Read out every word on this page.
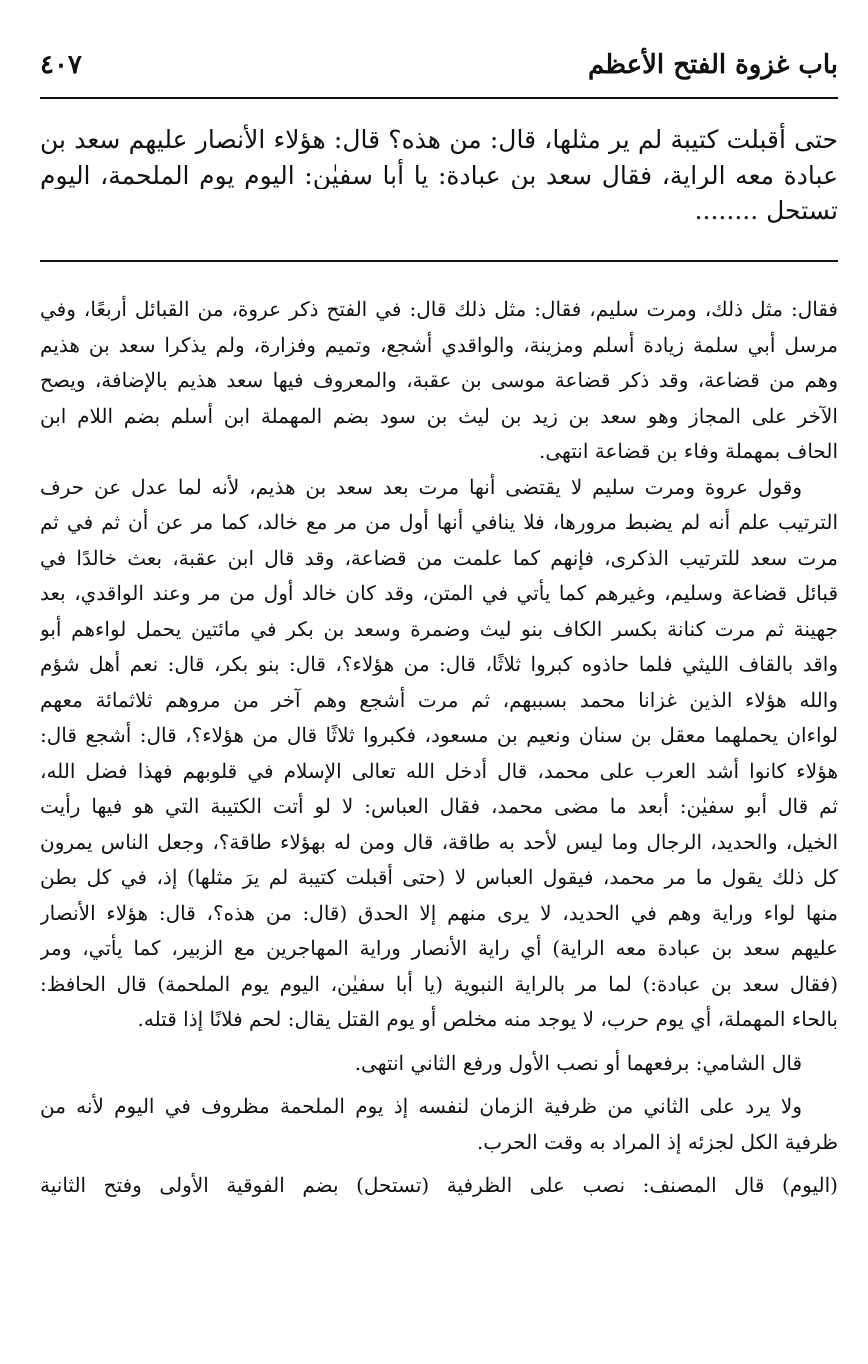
باب غزوة الفتح الأعظم
٤٠٧
حتى أقبلت كتيبة لم ير مثلها، قال: من هذه؟ قال: هؤلاء الأنصار عليهم سعد بن
عبادة معه الراية، فقال سعد بن عبادة: يا أبا سفيٰن: اليوم يوم الملحمة، اليوم
تستحل ........
فقال: مثل ذلك، ومرت سليم، فقال: مثل ذلك قال: في الفتح ذكر عروة، من القبائل أربعًا، وفي
مرسل أبي سلمة زيادة أسلم ومزينة، والواقدي أشجع، وتميم وفزارة، ولم يذكرا سعد بن هذيم
وهم من قضاعة، وقد ذكر قضاعة موسى بن عقبة، والمعروف فيها سعد هذيم بالإضافة، ويصح
الآخر على المجاز وهو سعد بن زيد بن ليث بن سود بضم المهملة ابن أسلم بضم اللام ابن
الحاف بمهملة وفاء بن قضاعة انتهى.
وقول عروة ومرت سليم لا يقتضى أنها مرت بعد سعد بن هذيم، لأنه لما عدل عن حرف
الترتيب علم أنه لم يضبط مرورها، فلا ينافي أنها أول من مر مع خالد، كما مر عن أن ثم في ثم
مرت سعد للترتيب الذكرى، فإنهم كما علمت من قضاعة، وقد قال ابن عقبة، بعث خالدًا في
قبائل قضاعة وسليم، وغيرهم كما يأتي في المتن، وقد كان خالد أول من مر وعند الواقدي، بعد
جهينة ثم مرت كنانة بكسر الكاف بنو ليث وضمرة وسعد بن بكر في مائتين يحمل لواءهم أبو
واقد بالقاف الليثي فلما حاذوه كبروا ثلاثًا، قال: من هؤلاء؟، قال: بنو بكر، قال: نعم أهل شؤم
والله هؤلاء الذين غزانا محمد بسببهم، ثم مرت أشجع وهم آخر من مروهم ثلاثمائة معهم
لواءان يحملهما معقل بن سنان ونعيم بن مسعود، فكبروا ثلاثًا قال من هؤلاء؟، قال: أشجع قال:
هؤلاء كانوا أشد العرب على محمد، قال أدخل الله تعالى الإسلام في قلوبهم فهذا فضل الله،
ثم قال أبو سفيٰن: أبعد ما مضى محمد، فقال العباس: لا لو أتت الكتيبة التي هو فيها رأيت
الخيل، والحديد، الرجال وما ليس لأحد به طاقة، قال ومن له بهؤلاء طاقة؟، وجعل الناس يمرون
كل ذلك يقول ما مر محمد، فيقول العباس لا (حتى أقبلت كتيبة لم يرَ مثلها) إذ، في كل بطن
منها لواء وراية وهم في الحديد، لا يرى منهم إلا الحدق (قال: من هذه؟، قال: هؤلاء الأنصار
عليهم سعد بن عبادة معه الراية) أي راية الأنصار وراية المهاجرين مع الزبير، كما يأتي، ومر
(فقال سعد بن عبادة:) لما مر بالراية النبوية (يا أبا سفيٰن، اليوم يوم الملحمة) قال الحافظ:
بالحاء المهملة، أي يوم حرب، لا يوجد منه مخلص أو يوم القتل يقال: لحم فلانًا إذا قتله.
قال الشامي: برفعهما أو نصب الأول ورفع الثاني انتهى.
ولا يرد على الثاني من ظرفية الزمان لنفسه إذ يوم الملحمة مظروف في اليوم لأنه من
ظرفية الكل لجزئه إذ المراد به وقت الحرب.
(اليوم) قال المصنف: نصب على الظرفية (تستحل) بضم الفوقية الأولى وفتح الثانية
